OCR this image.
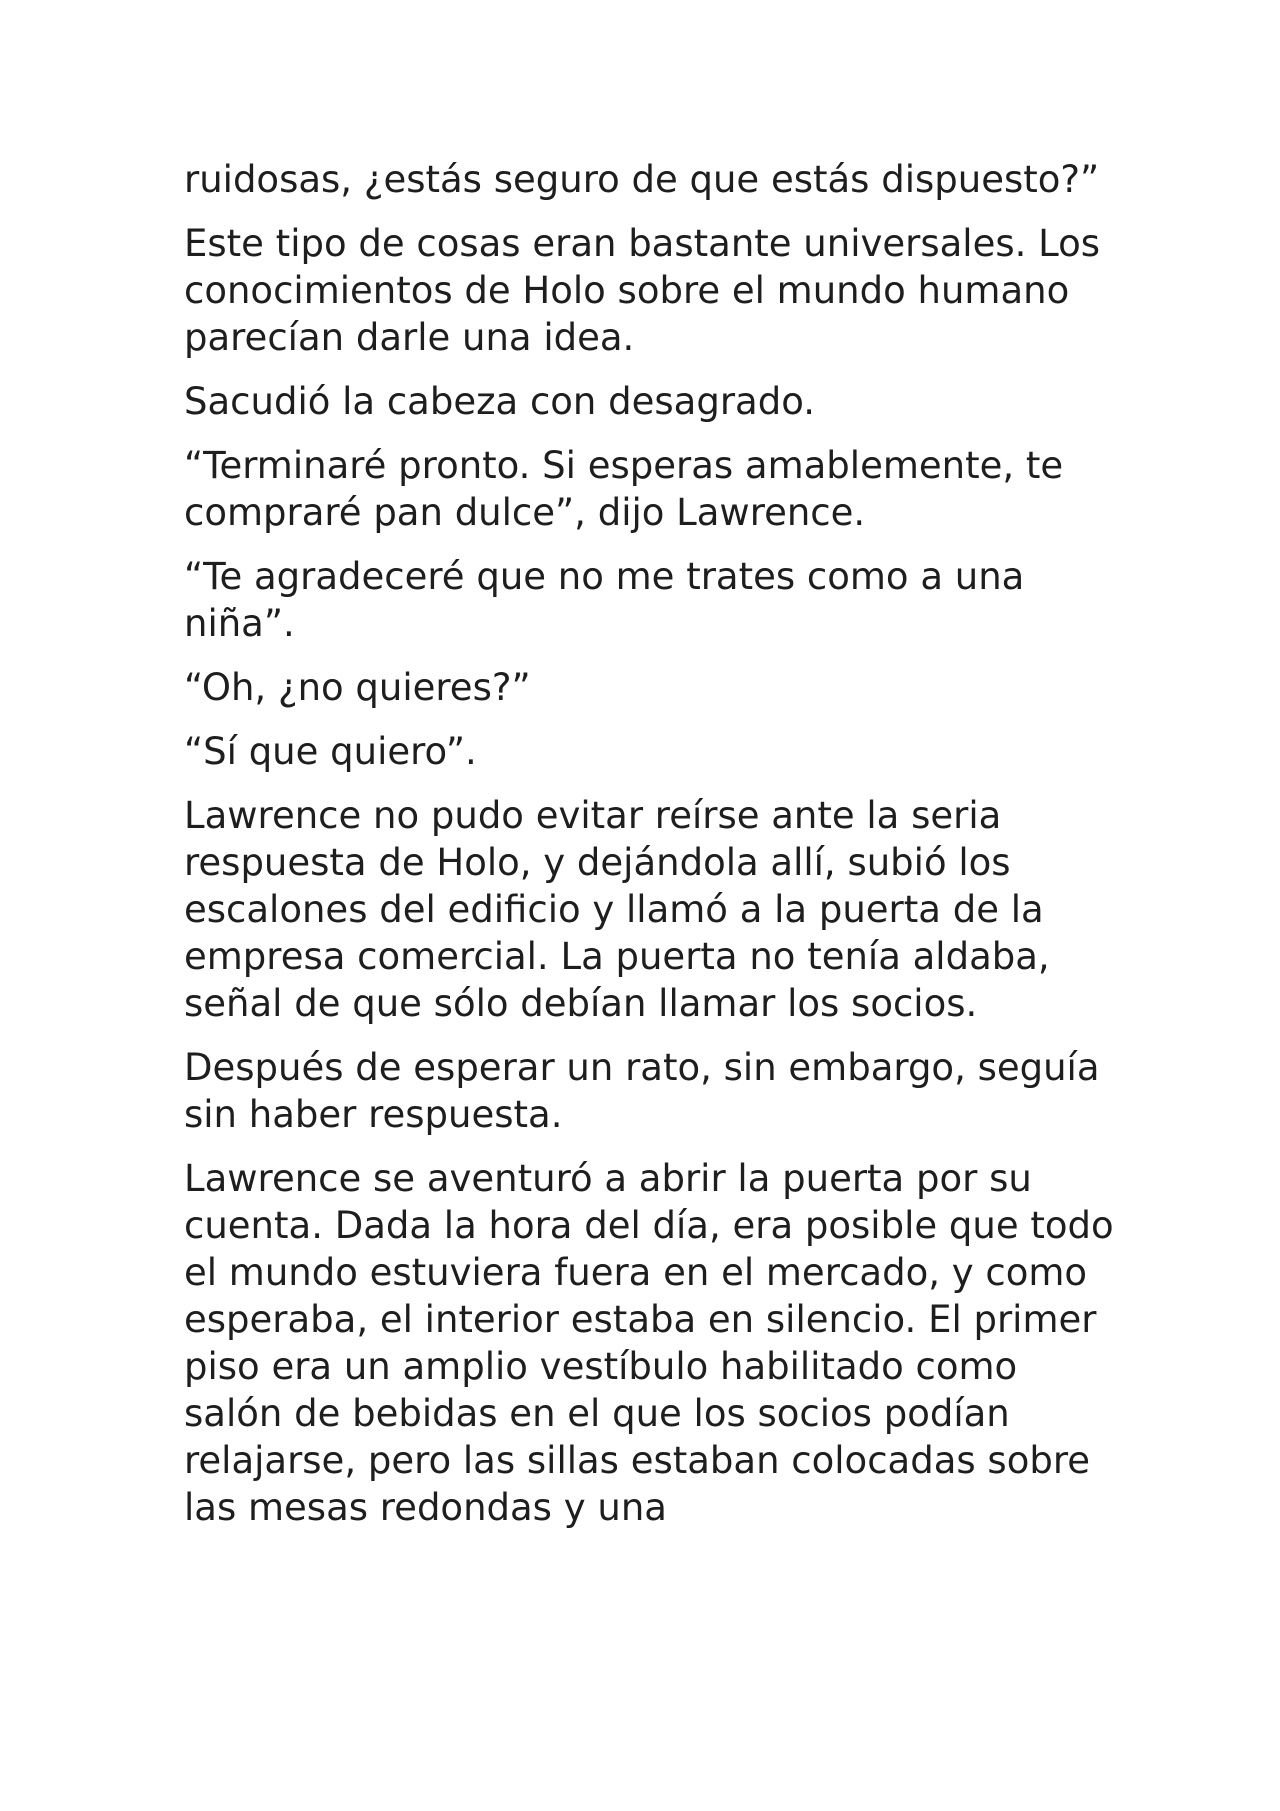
ruidosas, ¿estás seguro de que estás dispuesto?”

Este tipo de cosas eran bastante universales. Los conocimientos de Holo sobre el mundo humano parecían darle una idea.

Sacudió la cabeza con desagrado.

“Terminaré pronto. Si esperas amablemente, te compraré pan dulce”, dijo Lawrence.

“Te agradeceré que no me trates como a una niña”.

“Oh, ¿no quieres?”

“Sí que quiero”.

Lawrence no pudo evitar reírse ante la seria respuesta de Holo, y dejándola allí, subió los escalones del edificio y llamó a la puerta de la empresa comercial. La puerta no tenía aldaba, señal de que sólo debían llamar los socios.

Después de esperar un rato, sin embargo, seguía sin haber respuesta.

Lawrence se aventuró a abrir la puerta por su cuenta. Dada la hora del día, era posible que todo el mundo estuviera fuera en el mercado, y como esperaba, el interior estaba en silencio. El primer piso era un amplio vestíbulo habilitado como salón de bebidas en el que los socios podían relajarse, pero las sillas estaban colocadas sobre las mesas redondas y una
